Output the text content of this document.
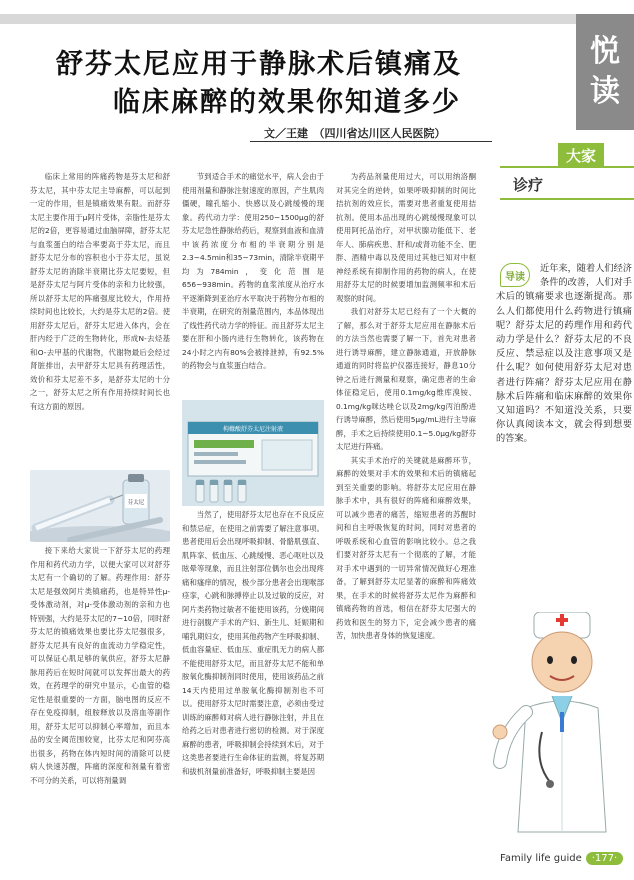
悦
读
舒芬太尼应用于静脉术后镇痛及
临床麻醉的效果你知道多少
文／王建　（四川省达川区人民医院）
大家
诊疗
近年来，随着人们经济条件的改善，人们对手术后的镇痛要求也逐渐提高。那么人们都使用什么药物进行镇痛呢？舒芬太尼的药理作用和药代动力学是什么？舒芬太尼的不良反应、禁忌症以及注意事项又是什么呢？如何使用舒芬太尼对患者进行阵痛？舒芬太尼应用在静脉术后阵痛和临床麻醉的效果你又知道吗？不知道没关系，只要你认真阅读本文，就会得到想要的答案。
导读

临床上常用的阵痛药物是芬太尼和舒芬太尼，其中芬太尼主导麻醉，可以起到一定的作用，但是镇痛效果有限。而舒芬太尼主要作用于μ阿片受体，亲脂性是芬太尼的2倍，更容易通过血脑屏障，舒芬太尼与血浆蛋白的结合率要高于芬太尼，而且舒芬太尼分布的容积也小于芬太尼，虽说舒芬太尼的消除半衰期比芬太尼要短，但是舒芬太尼与阿片受体的亲和力比较强，所以舒芬太尼的阵痛强度比较大，作用持续时间也比较长，大约是芬太尼的2倍。使用舒芬太尼后，舒芬太尼进入体内，会在肝内经于广泛的生物转化，形成N-去烃基和O-去甲基的代谢物，代谢物最后会经过肾脏排出，去甲舒芬太尼具有药理活性，效价和芬太尼差不多，是舒芬太尼的十分之一，舒芬太尼之所有作用持续时间长也有这方面的原因。

芬太尼

接下来给大家说一下舒芬太尼的药理作用和药代动力学，以便大家可以对舒芬太尼有一个确切的了解。药理作用：舒芬太尼是强效阿片类镇痛药，也是特异性μ-受体激动剂，对μ-受体激动剂的亲和力也特别强，大约是芬太尼的7~10倍，同时舒芬太尼的镇痛效果也要比芬太尼强很多，舒芬太尼具有良好的血流动力学稳定性，可以保证心肌足够的氧供应，舒芬太尼静脉用药后在短时间就可以发挥出最大的药效，在药理学的研究中显示，心血管的稳定性是很重要的一方面，脑电图的反应不存在免疫抑制，组胺释放以及溶血等副作用，舒芬太尼可以抑制心率增加，而且本品的安全阈范围较宽，比芬太尼和阿芬高出很多，药物在体内短时间的清除可以使病人快速苏醒，阵痛的深度和剂量有着密不可分的关系，可以将剂量调

节到适合手术的痛觉水平，病人会由于使用剂量和静脉注射速度的原因，产生肌肉僵硬，瞳孔缩小、快感以及心跳缓慢的现象。药代动力学：使用250~1500μg的舒芬太尼急性静脉给药后，观察到血液和血清中该药浓度分布相的半衰期分别是2.3~4.5min和35~73min，清除半衰期平均为784min，变化范围是656~938min。药物的血浆浓度从治疗水平逐渐降到亚治疗水平取决于药物分布相的半衰期，在研究的剂量范围内，本品体现出了线性药代动力学的特征。而且舒芬太尼主要在肝和小肠内进行生物转化，该药物在24小时之内有80%会被排泄掉，有92.5%的药物会与血浆蛋白结合。

枸橼酸舒芬太尼注射液

当然了，使用舒芬太尼也存在不良反应和禁忌症，在使用之前需要了解注意事项。患者使用后会出现呼吸抑制、骨骼肌强直、肌阵挛、低血压、心跳缓慢、恶心呕吐以及眩晕等现象，而且注射部位偶尔也会出现疼痛和瘙痒的情况，极少部分患者会出现喉部痉挛，心跳和脉搏停止以及过敏的反应，对阿片类药物过敏者不能使用该药，分娩期间进行剖腹产手术的产妇、新生儿、妊娠期和哺乳期妇女，使用其他药物产生呼吸抑制、低血容量症、低血压、重症肌无力的病人都不能使用舒芬太尼，而且舒芬太尼不能和单胺氧化酶抑制剂同时使用，使用该药品之前14天内使用过单胺氧化酶抑制剂也不可以。使用舒芬太尼时需要注意，必须由受过训练的麻醉师对病人进行静脉注射，并且在给药之后对患者进行密切的检测。对于深度麻醉的患者，呼吸抑制会持续到术后，对于这类患者要进行生命体征的监测，将复苏期和拔机剂量前准备好，呼吸抑制主要是因

为药品剂量使用过大，可以用纳洛酮对其完全的逆转，如果呼吸抑制的时间比拮抗剂的效应长，需要对患者重复使用拮抗剂。使用本品出现的心跳缓慢现象可以使用阿托品治疗，对甲状腺功能低下、老年人、肺病疾患、肝和/或肾功能不全、肥胖、酒精中毒以及使用过其他已知对中枢神经系统有抑制作用的药物的病人，在使用舒芬太尼的时候要增加监测频率和术后观察的时间。

我们对舒芬太尼已经有了一个大概的了解，那么对于舒芬太尼应用在静脉术后的方法当然也需要了解一下，首先对患者进行诱导麻醉，建立静脉通道，开放静脉通道的同时将监护仪器连接好，静息10分钟之后进行测量和观察，确定患者的生命体征稳定后，使用0.1mg/kg维库溴铵、0.1mg/kg咪达唑仑以及2mg/kg丙泊酚进行诱导麻醉，然后使用5μg/mL进行主导麻醉，手术之后持续使用0.1~5.0μg/kg舒芬太尼进行阵痛。

其实手术治疗的关键就是麻醉环节，麻醉的效果对手术的效果和术后的镇痛起到至关重要的影响。将舒芬太尼应用在静脉手术中，具有很好的阵痛和麻醉效果，可以减少患者的痛苦，缩短患者的苏醒时间和自主呼吸恢复的时间，同时对患者的呼吸系统和心血管的影响比较小。总之我们要对舒芬太尼有一个彻底的了解，才能对手术中遇到的一切异常情况做好心理准备，了解到舒芬太尼显著的麻醉和阵痛效果，在手术的时候将舒芬太尼作为麻醉和镇痛药物的首选，相信在舒芬太尼强大的药效和医生的努力下，定会减少患者的痛苦，加快患者身体的恢复速度。

Family life guide ·177·
